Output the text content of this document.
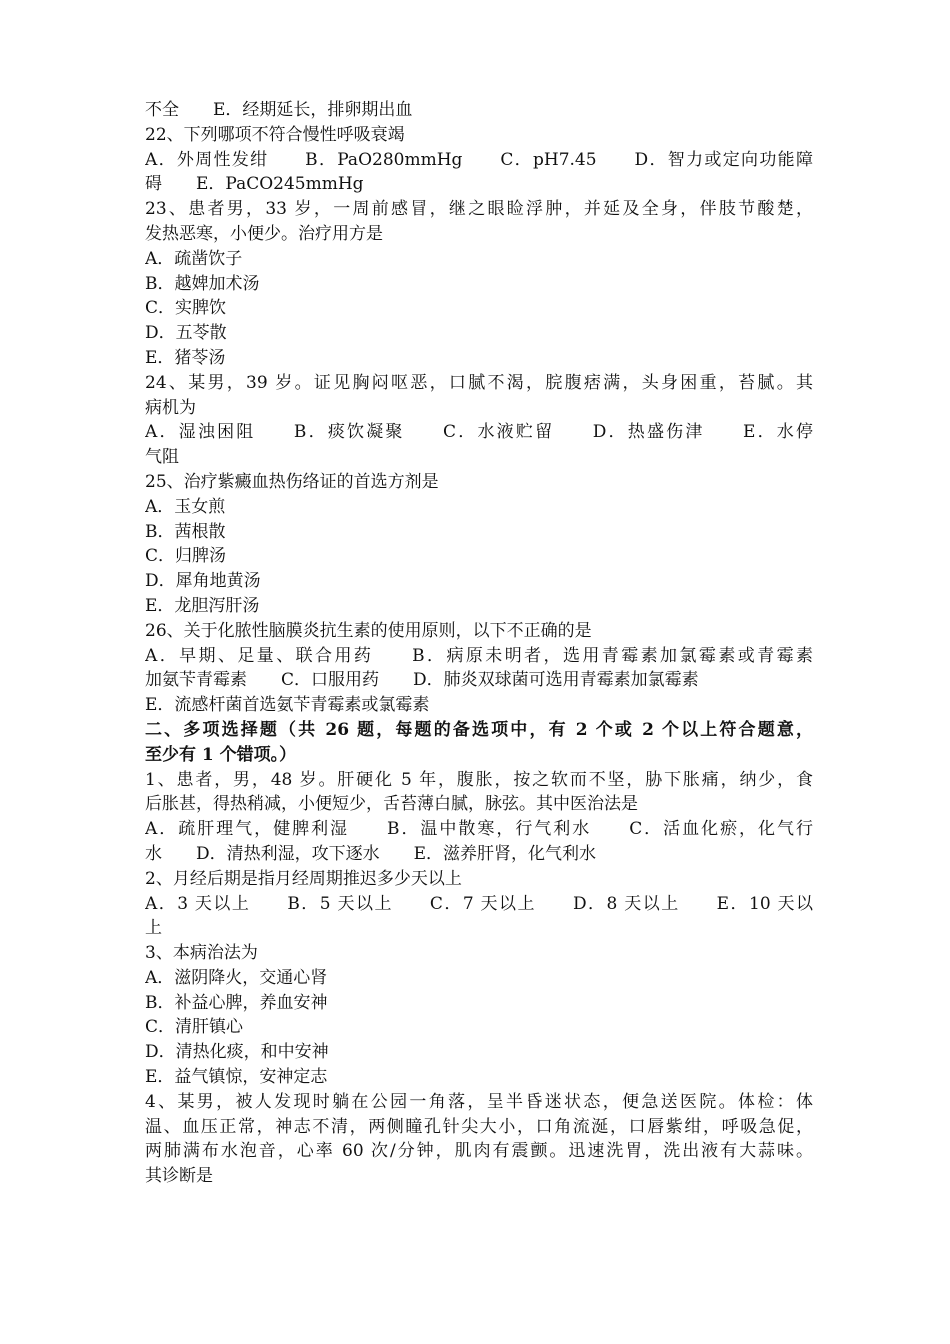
不全　　E．经期延长，排卵期出血
22、下列哪项不符合慢性呼吸衰竭
A．外周性发绀　　B．PaO280mmHg　　C．pH7.45　　D．智力或定向功能障
碍　　E．PaCO245mmHg
23、患者男，33 岁，一周前感冒，继之眼睑浮肿，并延及全身，伴肢节酸楚，
发热恶寒，小便少。治疗用方是
A．疏凿饮子
B．越婢加术汤
C．实脾饮
D．五苓散
E．猪苓汤
24、某男，39 岁。证见胸闷呕恶，口腻不渴，脘腹痞满，头身困重，苔腻。其
病机为
A．湿浊困阻　　B．痰饮凝聚　　C．水液贮留　　D．热盛伤津　　E．水停
气阻
25、治疗紫癜血热伤络证的首选方剂是
A．玉女煎
B．茜根散
C．归脾汤
D．犀角地黄汤
E．龙胆泻肝汤
26、关于化脓性脑膜炎抗生素的使用原则，以下不正确的是
A．早期、足量、联合用药　　B．病原未明者，选用青霉素加氯霉素或青霉素
加氨苄青霉素　　C．口服用药　　D．肺炎双球菌可选用青霉素加氯霉素
E．流感杆菌首选氨苄青霉素或氯霉素
二、多项选择题（共 26 题，每题的备选项中，有 2 个或 2 个以上符合题意，
至少有 1 个错项。）
1、患者，男，48 岁。肝硬化 5 年，腹胀，按之软而不坚，胁下胀痛，纳少，食
后胀甚，得热稍减，小便短少，舌苔薄白腻，脉弦。其中医治法是
A．疏肝理气，健脾利湿　　B．温中散寒，行气利水　　C．活血化瘀，化气行
水　　D．清热利湿，攻下逐水　　E．滋养肝肾，化气利水
2、月经后期是指月经周期推迟多少天以上
A．3 天以上　　B．5 天以上　　C．7 天以上　　D．8 天以上　　E．10 天以
上
3、本病治法为
A．滋阴降火，交通心肾
B．补益心脾，养血安神
C．清肝镇心
D．清热化痰，和中安神
E．益气镇惊，安神定志
4、某男，被人发现时躺在公园一角落，呈半昏迷状态，便急送医院。体检：体
温、血压正常，神志不清，两侧瞳孔针尖大小，口角流涎，口唇紫绀，呼吸急促，
两肺满布水泡音，心率 60 次/分钟，肌肉有震颤。迅速洗胃，洗出液有大蒜味。
其诊断是
